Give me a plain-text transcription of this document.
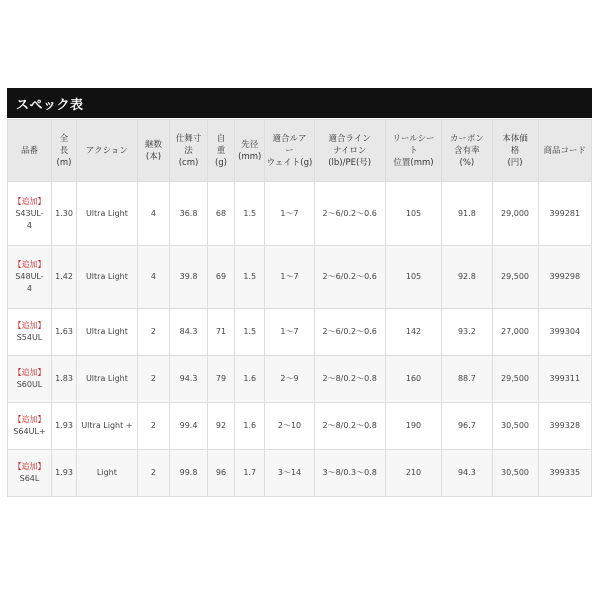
スペック表
品番	全
長
(m)	アクション	継数
(本)	仕舞寸
法
(cm)	自
重
(g)	先径
(mm)	適合ルア
ー
ウェイト(g)	適合ライン
ナイロン
(lb)/PE(号)	リールシー
ト
位置(mm)	カーボン
含有率
(%)	本体価
格
(円)	商品コード

【追加】
S43UL-
4	1.30	Ultra Light	4	36.8	68	1.5	1〜7	2〜6/0.2〜0.6	105	91.8	29,000	399281

【追加】
S48UL-
4	1.42	Ultra Light	4	39.8	69	1.5	1〜7	2〜6/0.2〜0.6	105	92.8	29,500	399298

【追加】
S54UL	1.63	Ultra Light	2	84.3	71	1.5	1〜7	2〜6/0.2〜0.6	142	93.2	27,000	399304

【追加】
S60UL	1.83	Ultra Light	2	94.3	79	1.6	2〜9	2〜8/0.2〜0.8	160	88.7	29,500	399311

【追加】
S64UL+	1.93	Ultra Light +	2	99.4	92	1.6	2〜10	2〜8/0.2〜0.8	190	96.7	30,500	399328

【追加】
S64L	1.93	Light	2	99.8	96	1.7	3〜14	3〜8/0.3〜0.8	210	94.3	30,500	399335
